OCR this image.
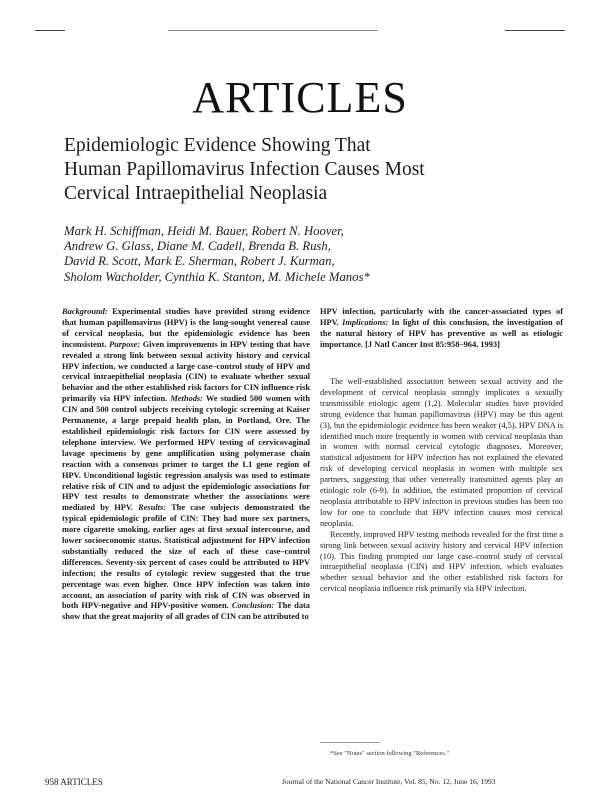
ARTICLES
Epidemiologic Evidence Showing That
Human Papillomavirus Infection Causes Most
Cervical Intraepithelial Neoplasia
Mark H. Schiffman, Heidi M. Bauer, Robert N. Hoover,
Andrew G. Glass, Diane M. Cadell, Brenda B. Rush,
David R. Scott, Mark E. Sherman, Robert J. Kurman,
Sholom Wacholder, Cynthia K. Stanton, M. Michele Manos*
Background: Experimental studies have provided strong evidence that human papillomavirus (HPV) is the long-sought venereal cause of cervical neoplasia, but the epidemiologic evidence has been inconsistent. Purpose: Given improvements in HPV testing that have revealed a strong link between sexual activity history and cervical HPV infection, we conducted a large case–control study of HPV and cervical intraepithelial neoplasia (CIN) to evaluate whether sexual behavior and the other established risk factors for CIN influence risk primarily via HPV infection. Methods: We studied 500 women with CIN and 500 control subjects receiving cytologic screening at Kaiser Permanente, a large prepaid health plan, in Portland, Ore. The established epidemiologic risk factors for CIN were assessed by telephone interview. We performed HPV testing of cervicovaginal lavage specimens by gene amplification using polymerase chain reaction with a consensus primer to target the L1 gene region of HPV. Unconditional logistic regression analysis was used to estimate relative risk of CIN and to adjust the epidemiologic associations for HPV test results to demonstrate whether the associations were mediated by HPV. Results: The case subjects demonstrated the typical epidemiologic profile of CIN: They had more sex partners, more cigarette smoking, earlier ages at first sexual intercourse, and lower socioeconomic status. Statistical adjustment for HPV infection substantially reduced the size of each of these case–control differences. Seventy-six percent of cases could be attributed to HPV infection; the results of cytologic review suggested that the true percentage was even higher. Once HPV infection was taken into account, an association of parity with risk of CIN was observed in both HPV-negative and HPV-positive women. Conclusion: The data show that the great majority of all grades of CIN can be attributed to
HPV infection, particularly with the cancer-associated types of HPV. Implications: In light of this conclusion, the investigation of the natural history of HPV has preventive as well as etiologic importance. [J Natl Cancer Inst 85:958–964, 1993]

The well-established association between sexual activity and the development of cervical neoplasia strongly implicates a sexually transmissible etiologic agent (1,2). Molecular studies have provided strong evidence that human papillomavirus (HPV) may be this agent (3), but the epidemiologic evidence has been weaker (4,5). HPV DNA is identified much more frequently in women with cervical neoplasia than in women with normal cervical cytologic diagnoses. Moreover, statistical adjustment for HPV infection has not explained the elevated risk of developing cervical neoplasia in women with multiple sex partners, suggesting that other venereally transmitted agents play an etiologic role (6-9). In addition, the estimated proportion of cervical neoplasia attributable to HPV infection in previous studies has been too low for one to conclude that HPV infection causes most cervical neoplasia.

Recently, improved HPV testing methods revealed for the first time a strong link between sexual activity history and cervical HPV infection (10). This finding prompted our large case–control study of cervical intraepithelial neoplasia (CIN) and HPV infection, which evaluates whether sexual behavior and the other established risk factors for cervical neoplasia influence risk primarily via HPV infection.

*See "Notes" section following "References."
958 ARTICLES	Journal of the National Cancer Institute, Vol. 85, No. 12, June 16, 1993
